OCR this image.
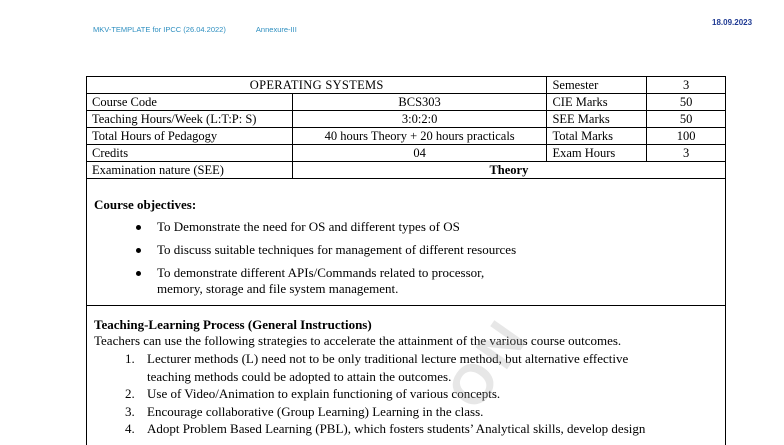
MKV-TEMPLATE for IPCC (26.04.2022)	Annexure-III
18.09.2023
OPERATING SYSTEMS		Semester	3
Course Code	BCS303	CIE Marks	50
Teaching Hours/Week (L:T:P: S)	3:0:2:0	SEE Marks	50
Total Hours of Pedagogy	40 hours Theory + 20 hours practicals	Total Marks	100
Credits	04	Exam Hours	3
Examination nature (SEE)	Theory		
Course objectives:
To Demonstrate the need for OS and different types of OS
To discuss suitable techniques for management of different resources
To demonstrate different APIs/Commands related to processor,
memory, storage and file system management.
Teaching-Learning Process (General Instructions)
Teachers can use the following strategies to accelerate the attainment of the various course outcomes.
1. Lecturer methods (L) need not to be only traditional lecture method, but alternative effective
teaching methods could be adopted to attain the outcomes.
2. Use of Video/Animation to explain functioning of various concepts.
3. Encourage collaborative (Group Learning) Learning in the class.
4. Adopt Problem Based Learning (PBL), which fosters students’ Analytical skills, develop design
ON
